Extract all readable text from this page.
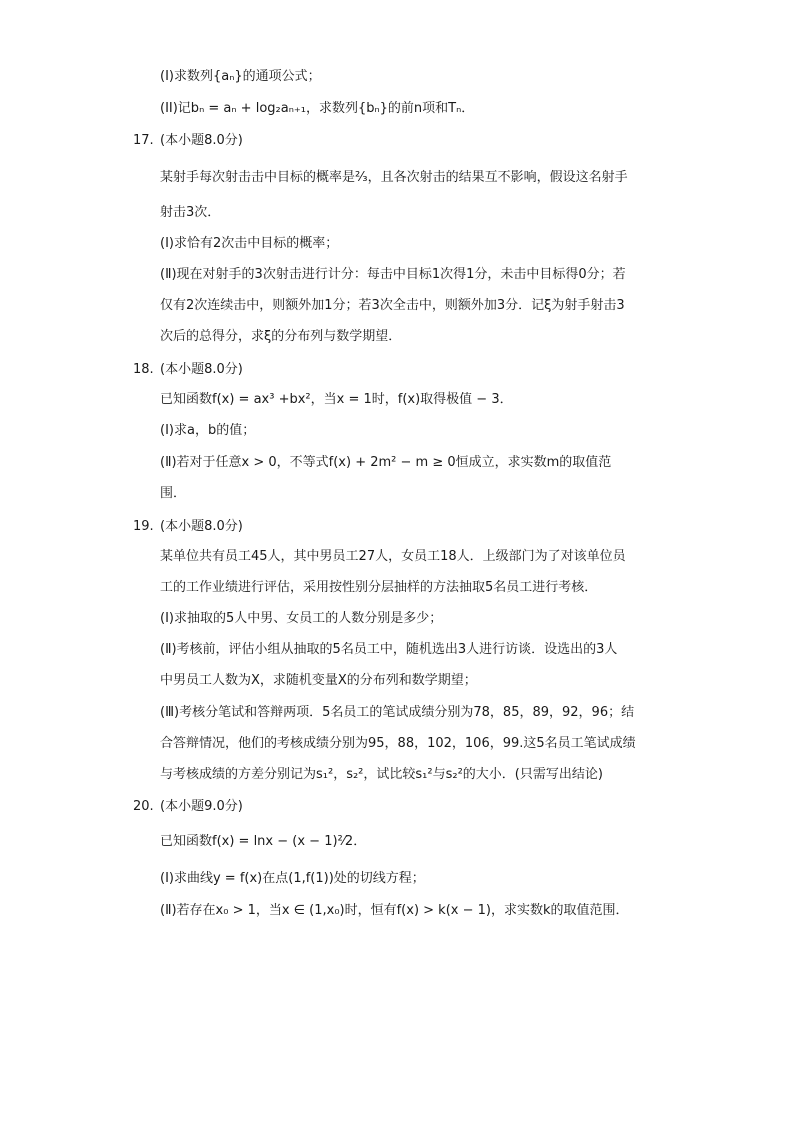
(I)求数列{aₙ}的通项公式；
(II)记bₙ = aₙ + log₂aₙ₊₁，求数列{bₙ}的前n项和Tₙ．
17. (本小题8.0分)
某射手每次射击击中目标的概率是²⁄₃，且各次射击的结果互不影响，假设这名射手
射击3次．
(Ⅰ)求恰有2次击中目标的概率；
(Ⅱ)现在对射手的3次射击进行计分：每击中目标1次得1分，未击中目标得0分；若
仅有2次连续击中，则额外加1分；若3次全击中，则额外加3分．记ξ为射手射击3
次后的总得分，求ξ的分布列与数学期望．
18. (本小题8.0分)
已知函数f(x) = ax³ +bx²，当x = 1时，f(x)取得极值 − 3．
(Ⅰ)求a，b的值；
(Ⅱ)若对于任意x > 0，不等式f(x) + 2m² − m ≥ 0恒成立，求实数m的取值范
围．
19. (本小题8.0分)
某单位共有员工45人，其中男员工27人，女员工18人．上级部门为了对该单位员
工的工作业绩进行评估，采用按性别分层抽样的方法抽取5名员工进行考核．
(Ⅰ)求抽取的5人中男、女员工的人数分别是多少；
(Ⅱ)考核前，评估小组从抽取的5名员工中，随机选出3人进行访谈．设选出的3人
中男员工人数为X，求随机变量X的分布列和数学期望；
(Ⅲ)考核分笔试和答辩两项．5名员工的笔试成绩分别为78，85，89，92，96；结
合答辩情况，他们的考核成绩分别为95，88，102，106，99.这5名员工笔试成绩
与考核成绩的方差分别记为s₁²，s₂²，试比较s₁²与s₂²的大小．(只需写出结论)
20. (本小题9.0分)
已知函数f(x) = lnx − (x − 1)²⁄2．
(Ⅰ)求曲线y = f(x)在点(1,f(1))处的切线方程；
(Ⅱ)若存在x₀ > 1，当x ∈ (1,x₀)时，恒有f(x) > k(x − 1)，求实数k的取值范围．
